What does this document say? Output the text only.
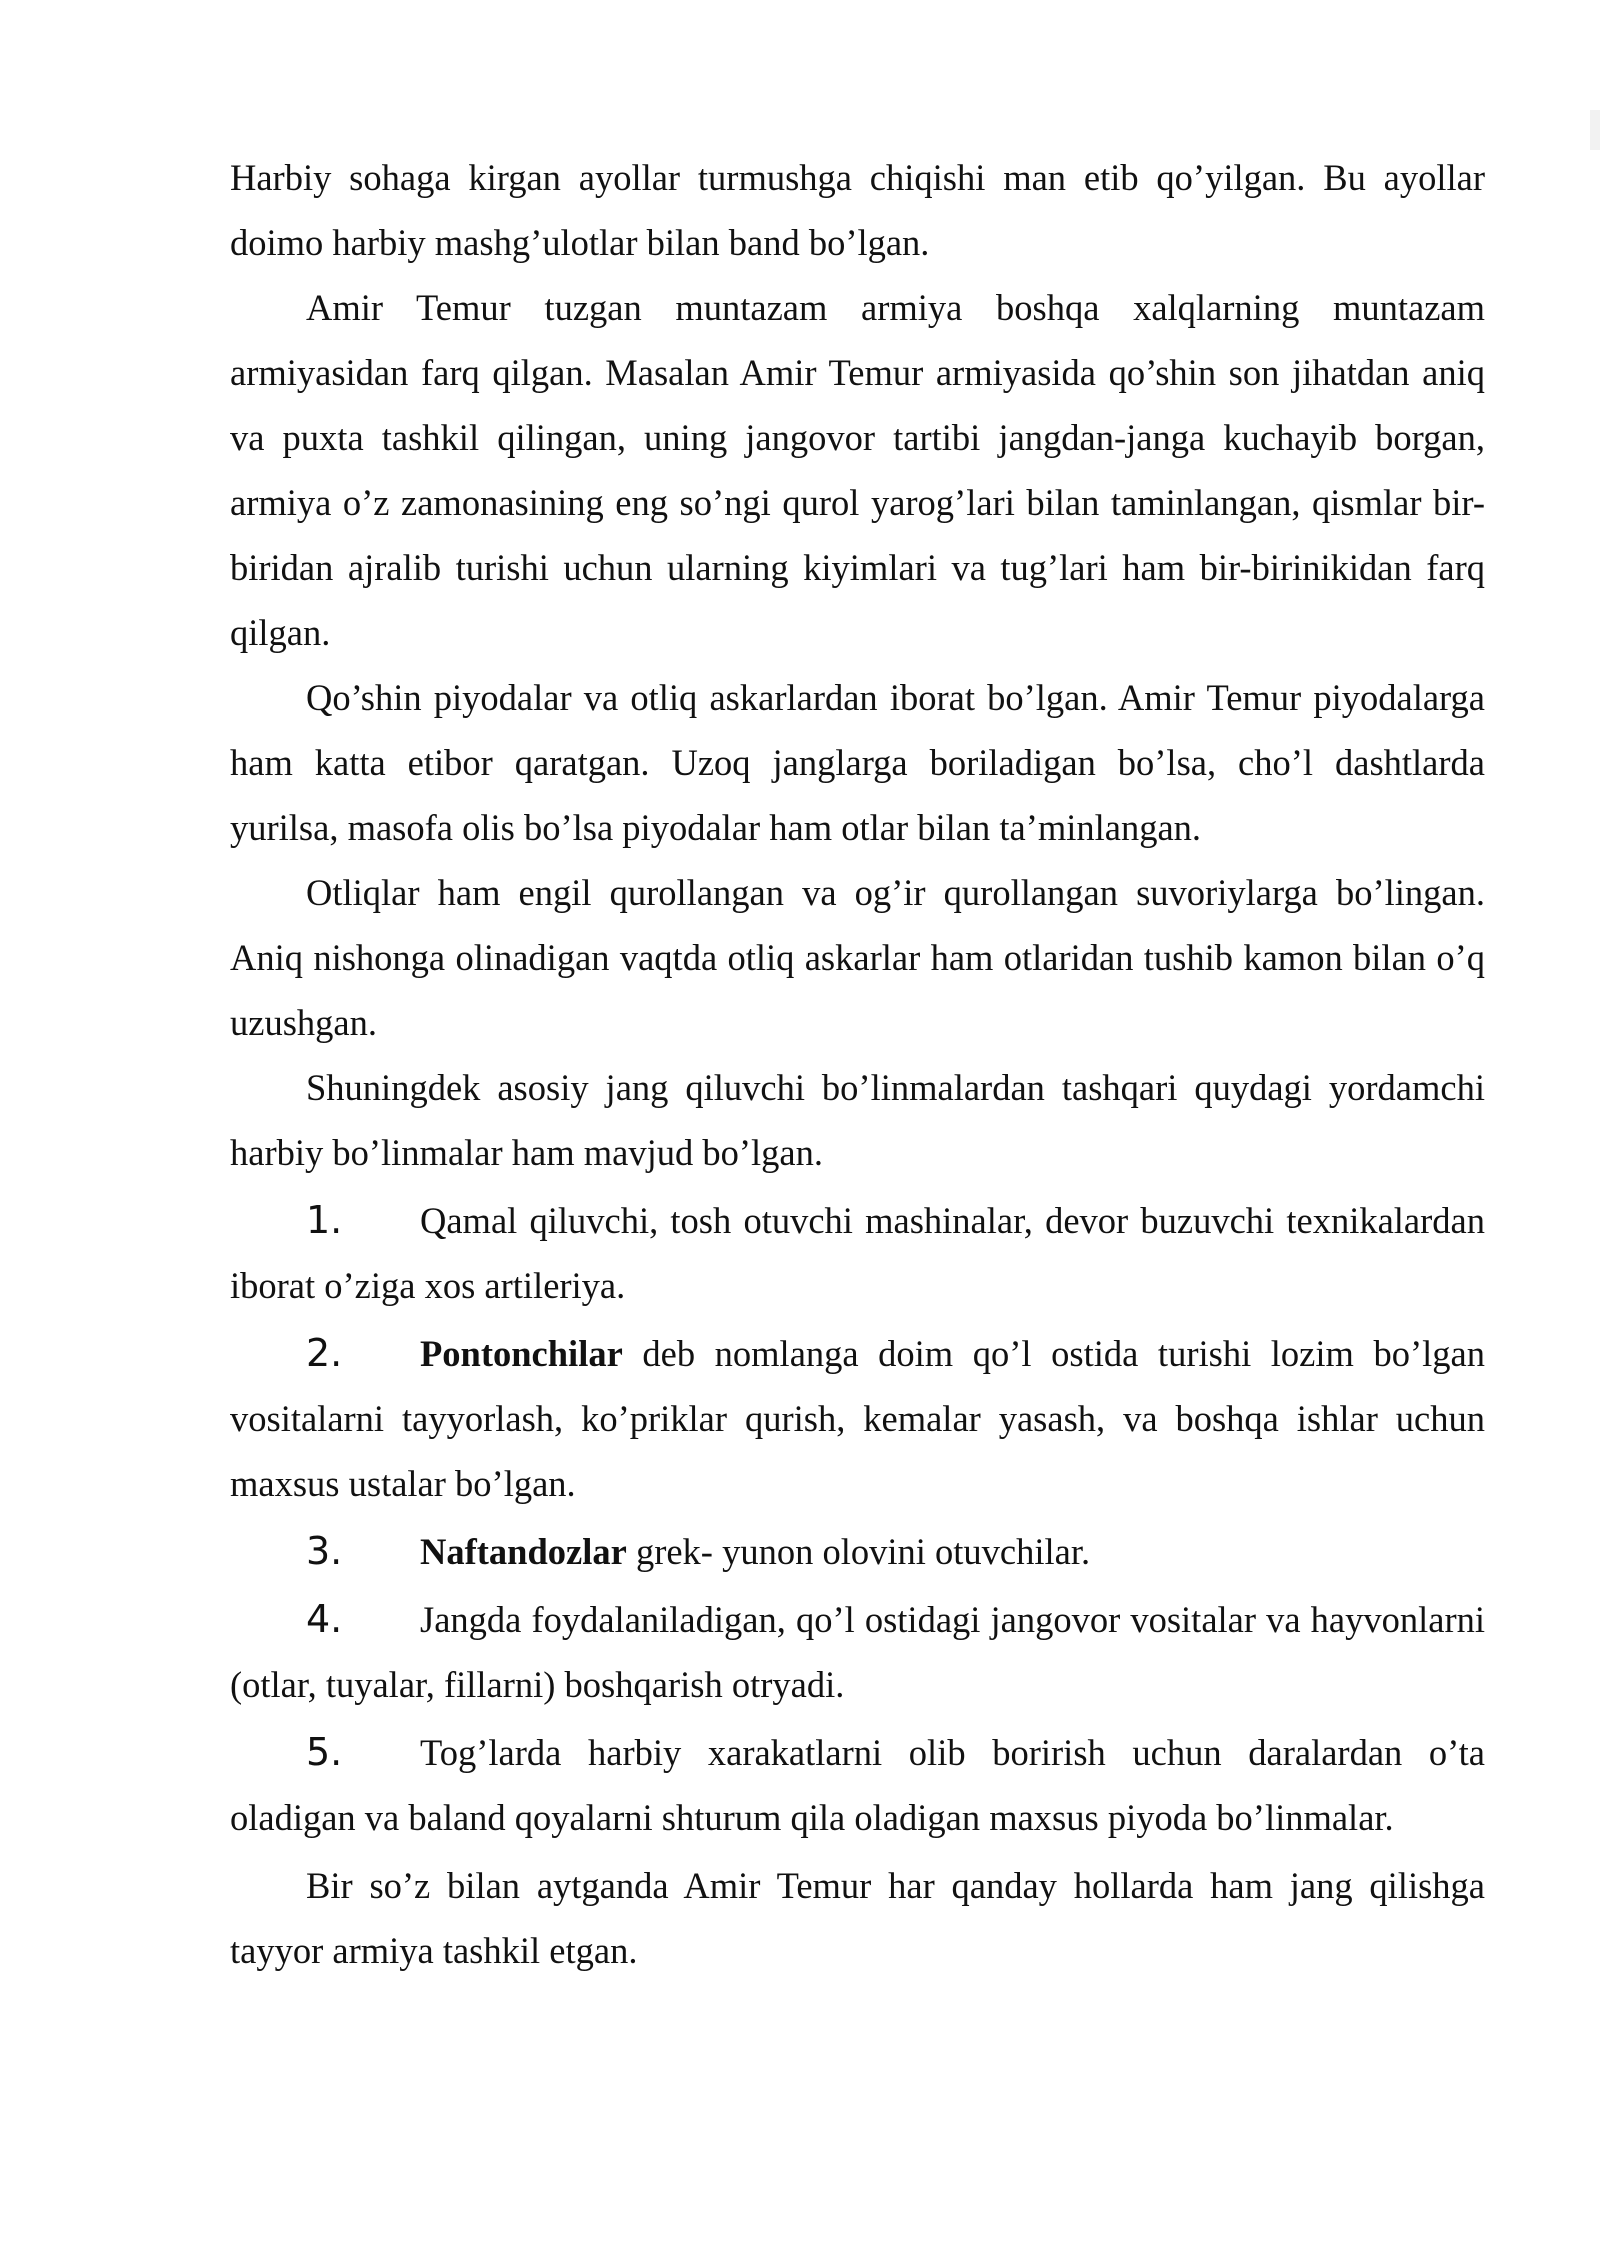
Harbiy sohaga kirgan ayollar turmushga chiqishi man etib qo’yilgan. Bu ayollar doimo harbiy mashg’ulotlar bilan band bo’lgan.

Amir Temur tuzgan muntazam armiya boshqa xalqlarning muntazam armiyasidan farq qilgan. Masalan Amir Temur armiyasida qo’shin son jihatdan aniq va puxta tashkil qilingan, uning jangovor tartibi jangdan-janga kuchayib borgan, armiya o’z zamonasining eng so’ngi qurol yarog’lari bilan taminlangan, qismlar bir-biridan ajralib turishi uchun ularning kiyimlari va tug’lari ham bir-birinikidan farq qilgan.

Qo’shin piyodalar va otliq askarlardan iborat bo’lgan. Amir Temur piyodalarga ham katta etibor qaratgan. Uzoq janglarga boriladigan bo’lsa, cho’l dashtlarda yurilsa, masofa olis bo’lsa piyodalar ham otlar bilan ta’minlangan.

Otliqlar ham engil qurollangan va og’ir qurollangan suvoriylarga bo’lingan. Aniq nishonga olinadigan vaqtda otliq askarlar ham otlaridan tushib kamon bilan o’q uzushgan.

Shuningdek asosiy jang qiluvchi bo’linmalardan tashqari quydagi yordamchi harbiy bo’linmalar ham mavjud bo’lgan.

1. Qamal qiluvchi, tosh otuvchi mashinalar, devor buzuvchi texnikalardan iborat o’ziga xos artileriya.

2. Pontonchilar deb nomlanga doim qo’l ostida turishi lozim bo’lgan vositalarni tayyorlash, ko’priklar qurish, kemalar yasash, va boshqa ishlar uchun maxsus ustalar bo’lgan.

3. Naftandozlar grek- yunon olovini otuvchilar.

4. Jangda foydalaniladigan, qo’l ostidagi jangovor vositalar va hayvonlarni (otlar, tuyalar, fillarni) boshqarish otryadi.

5. Tog’larda harbiy xarakatlarni olib borirish uchun daralardan o’ta oladigan va baland qoyalarni shturum qila oladigan maxsus piyoda bo’linmalar.

Bir so’z bilan aytganda Amir Temur har qanday hollarda ham jang qilishga tayyor armiya tashkil etgan.
